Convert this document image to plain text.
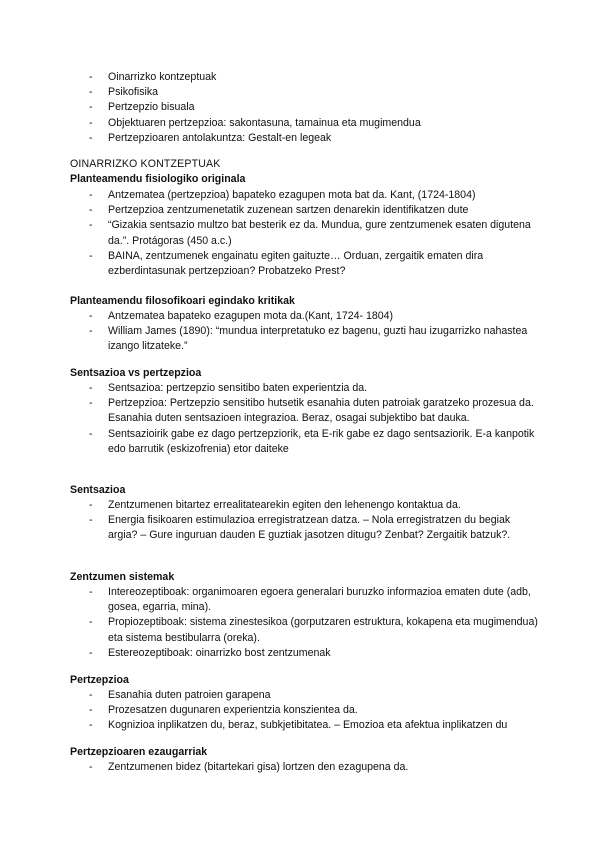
- Oinarrizko kontzeptuak
- Psikofisika
- Pertzepzio bisuala
- Objektuaren pertzepzioa: sakontasuna, tamainua eta mugimendua
- Pertzepzioaren antolakuntza: Gestalt-en legeak
OINARRIZKO KONTZEPTUAK
Planteamendu fisiologiko originala
- Antzematea (pertzepzioa) bapateko ezagupen mota bat da. Kant, (1724-1804)
- Pertzepzioa zentzumenetatik zuzenean sartzen denarekin identifikatzen dute
- “Gizakia sentsazio multzo bat besterik ez da. Mundua, gure zentzumenek esaten digutena da.”. Protágoras (450 a.c.)
- BAINA, zentzumenek engainatu egiten gaituzte… Orduan, zergaitik ematen dira ezberdintasunak pertzepzioan? Probatzeko Prest?
Planteamendu filosofikoari egindako kritikak
- Antzematea bapateko ezagupen mota da.(Kant, 1724- 1804)
- William James (1890): “mundua interpretatuko ez bagenu, guzti hau izugarrizko nahastea izango litzateke.”
Sentsazioa vs pertzepzioa
- Sentsazioa: pertzepzio sensitibo baten experientzia da.
- Pertzepzioa: Pertzepzio sensitibo hutsetik esanahia duten patroiak garatzeko prozesua da. Esanahia duten sentsazioen integrazioa. Beraz, osagai subjektibo bat dauka.
- Sentsazioirik gabe ez dago pertzepziorik, eta E-rik gabe ez dago sentsaziorik. E-a kanpotik edo barrutik (eskizofrenia) etor daiteke
Sentsazioa
- Zentzumenen bitartez errealitatearekin egiten den lehenengo kontaktua da.
- Energia fisikoaren estimulazioa erregistratzean datza. – Nola erregistratzen du begiak argia? – Gure inguruan dauden E guztiak jasotzen ditugu? Zenbat? Zergaitik batzuk?.
Zentzumen sistemak
- Intereozeptiboak: organimoaren egoera generalari buruzko informazioa ematen dute (adb, gosea, egarria, mina).
- Propiozeptiboak: sistema zinestesikoa (gorputzaren estruktura, kokapena eta mugimendua) eta sistema bestibularra (oreka).
- Estereozeptiboak: oinarrizko bost zentzumenak
Pertzepzioa
- Esanahia duten patroien garapena
- Prozesatzen dugunaren experientzia konszientea da.
- Kognizioa inplikatzen du, beraz, subkjetibitatea. – Emozioa eta afektua inplikatzen du
Pertzepzioaren ezaugarriak
- Zentzumenen bidez (bitartekari gisa) lortzen den ezagupena da.
